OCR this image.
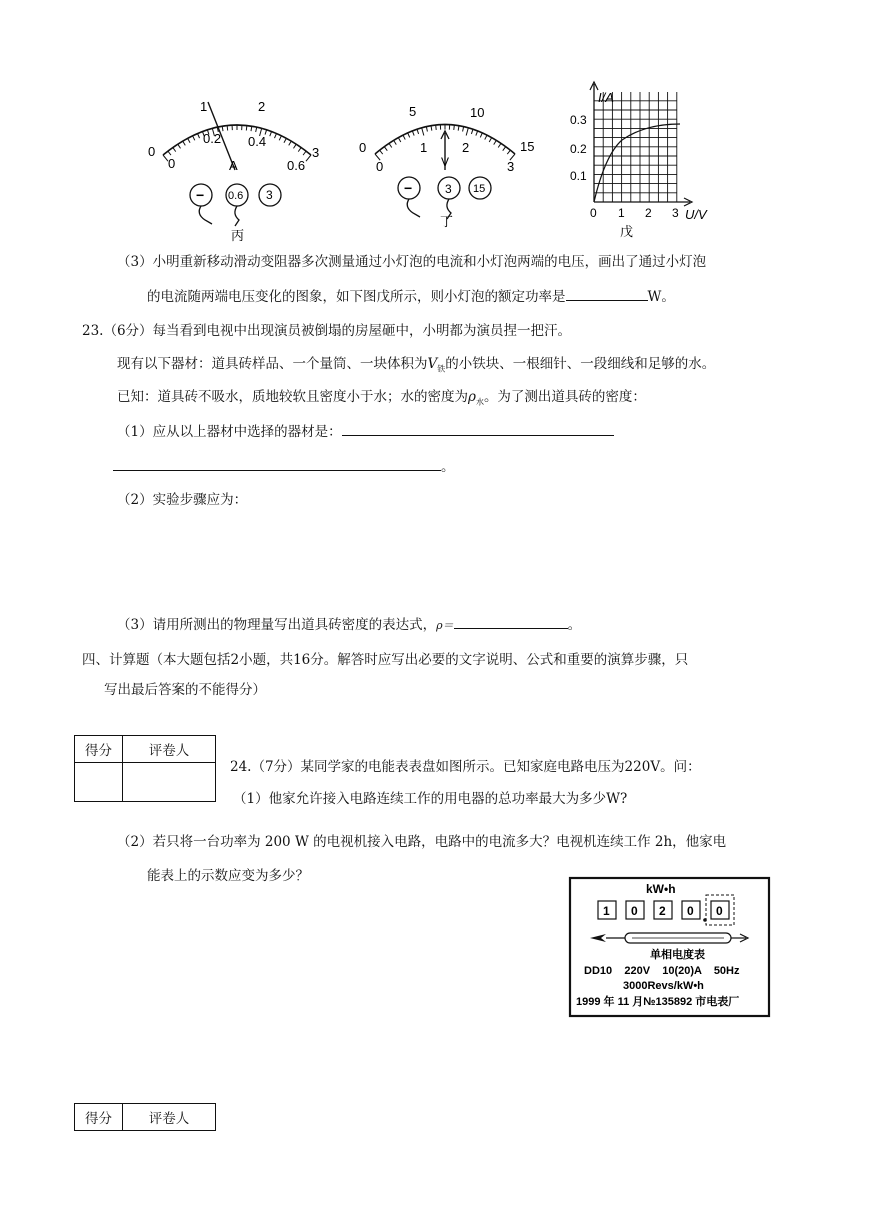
1	2
0
0.2 0.4
0.6
0	3
A
− 0.6 3
丙
5	10
15
0
0
1	2
3
V
−	3 15
丁
I/A
0.3
0.2
0.1
0 1 2 3 U/V
戊
（3）小明重新移动滑动变阻器多次测量通过小灯泡的电流和小灯泡两端的电压，画出了通过小灯泡
的电流随两端电压变化的图象，如下图戊所示，则小灯泡的额定功率是	W。
23.（6分）每当看到电视中出现演员被倒塌的房屋砸中，小明都为演员捏一把汗。
现有以下器材：道具砖样品、一个量筒、一块体积为$V_铁$的小铁块、一根细针、一段细线和足够的水。
已知：道具砖不吸水，质地较软且密度小于水；水的密度为$\rho_水$。为了测出道具砖的密度：
（1）应从以上器材中选择的器材是：
。
（2）实验步骤应为：
（3）请用所测出的物理量写出道具砖密度的表达式，ρ＝	。
四、计算题（本大题包括2小题，共16分。解答时应写出必要的文字说明、公式和重要的演算步骤，只
写出最后答案的不能得分）
得分	评卷人

24.（7分）某同学家的电能表表盘如图所示。已知家庭电路电压为220V。问：
（1）他家允许接入电路连续工作的用电器的总功率最大为多少W?
（2）若只将一台功率为 200 W 的电视机接入电路，电路中的电流多大？电视机连续工作 2h，他家电
能表上的示数应变为多少？
kW•h
1 0 2 0 0
单相电度表
DD10    220V    10(20)A    50Hz
3000Revs/kW•h
1999 年 11 月№135892 市电表厂
得分	评卷人
